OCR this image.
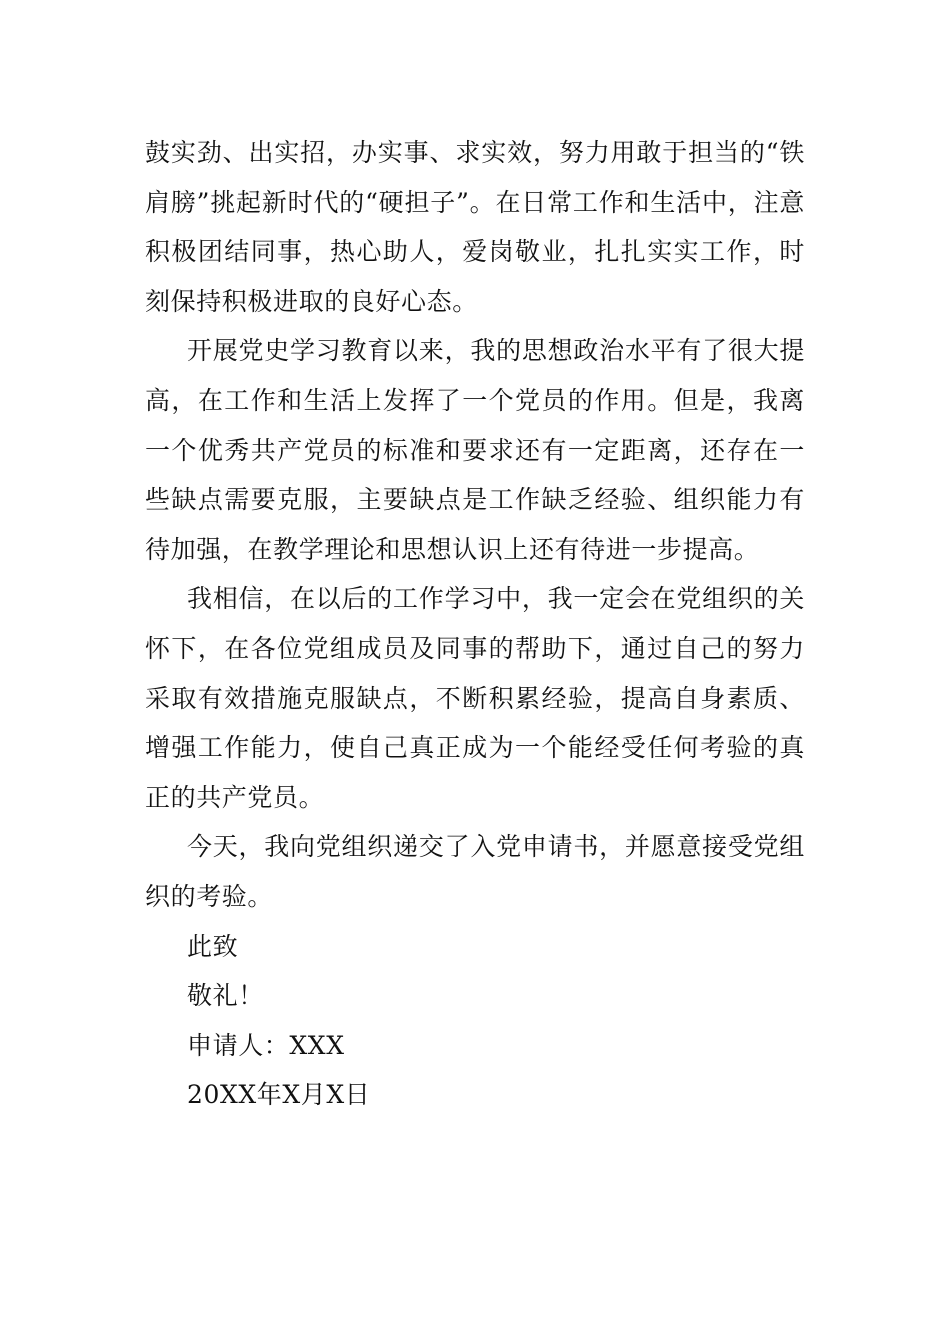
鼓实劲、出实招，办实事、求实效，努力用敢于担当的“铁肩膀”挑起新时代的“硬担子”。在日常工作和生活中，注意积极团结同事，热心助人，爱岗敬业，扎扎实实工作，时刻保持积极进取的良好心态。

开展党史学习教育以来，我的思想政治水平有了很大提高，在工作和生活上发挥了一个党员的作用。但是，我离一个优秀共产党员的标准和要求还有一定距离，还存在一些缺点需要克服，主要缺点是工作缺乏经验、组织能力有待加强，在教学理论和思想认识上还有待进一步提高。

我相信，在以后的工作学习中，我一定会在党组织的关怀下，在各位党组成员及同事的帮助下，通过自己的努力采取有效措施克服缺点，不断积累经验，提高自身素质、增强工作能力，使自己真正成为一个能经受任何考验的真正的共产党员。

今天，我向党组织递交了入党申请书，并愿意接受党组织的考验。

此致

敬礼！

申请人：XXX

20XX年X月X日
